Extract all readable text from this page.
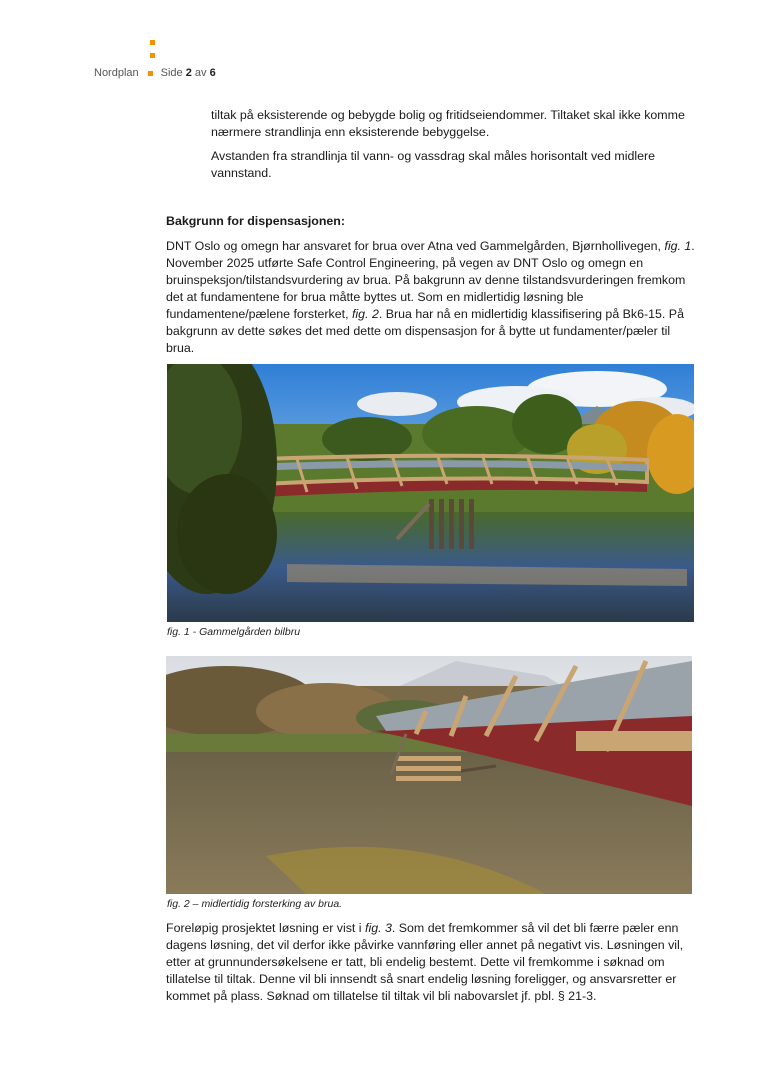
Nordplan Side
2
av
6

tiltak på eksisterende og bebygde bolig og fritidseiendommer. Tiltaket skal ikke komme nærmere strandlinja enn eksisterende bebyggelse.

Avstanden fra strandlinja til vann- og vassdrag skal måles horisontalt ved midlere vannstand.

Bakgrunn for dispensasjonen:

DNT Oslo og omegn har ansvaret for brua over Atna ved Gammelgården, Bjørnhollivegen, fig. 1. November 2025 utførte Safe Control Engineering, på vegen av DNT Oslo og omegn en bruinspeksjon/tilstandsvurdering av brua. På bakgrunn av denne tilstandsvurderingen fremkom det at fundamentene for brua måtte byttes ut. Som en midlertidig løsning ble fundamentene/pælene forsterket, fig. 2. Brua har nå en midlertidig klassifisering på Bk6-15. På bakgrunn av dette søkes det med dette om dispensasjon for å bytte ut fundamenter/pæler til brua.

fig. 1 - Gammelgården bilbru
fig. 2 – midlertidig forsterking av brua.

Foreløpig prosjektet løsning er vist i fig. 3. Som det fremkommer så vil det bli færre pæler enn dagens løsning, det vil derfor ikke påvirke vannføring eller annet på negativt vis. Løsningen vil, etter at grunnundersøkelsene er tatt, bli endelig bestemt. Dette vil fremkomme i søknad om tillatelse til tiltak. Denne vil bli innsendt så snart endelig løsning foreligger, og ansvarsretter er kommet på plass. Søknad om tillatelse til tiltak vil bli nabovarslet jf. pbl. § 21-3.
